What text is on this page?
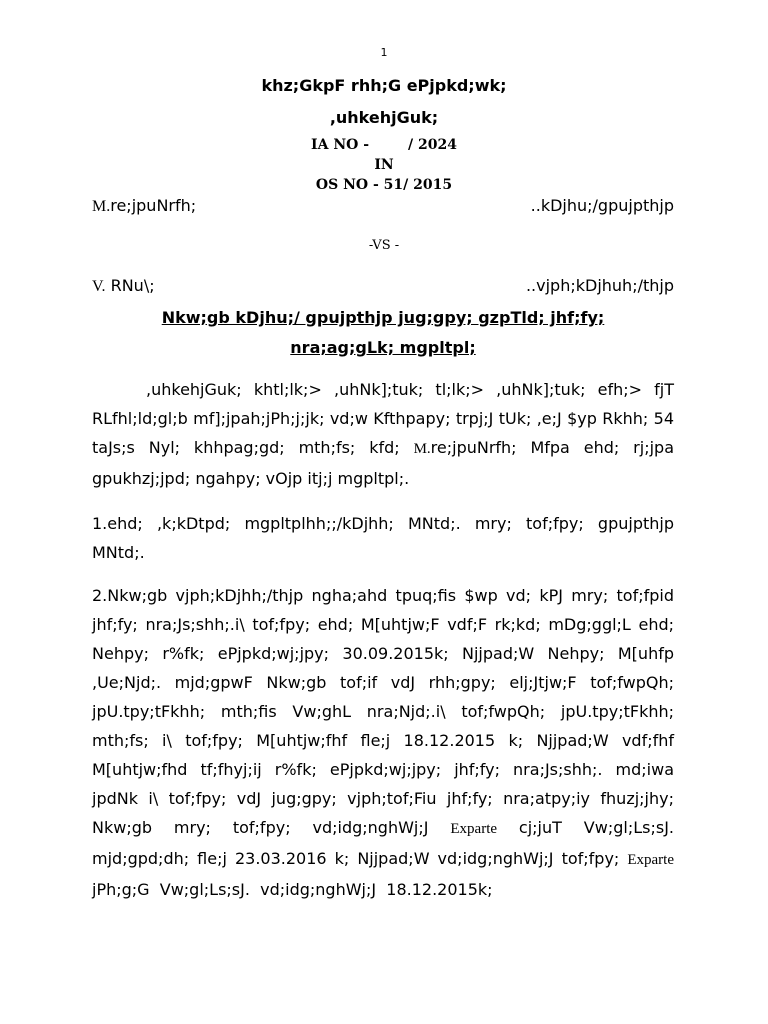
1
khz;GkpF rhh;G ePjpkd;wk;
,uhkehjGuk;
IA NO -        / 2024
IN
OS NO - 51/ 2015
M.re;jpuNrfh;	..kDjhu;/gpujpthjp
-VS -
V. RNu\;	..vjph;kDjhuh;/thjp
Nkw;gb kDjhu;/ gpujpthjp jug;gpy; gzpTld; jhf;fy;
nra;ag;gLk; mgpltpl;
,uhkehjGuk; khtl;lk;> ,uhNk];tuk; tl;lk;> ,uhNk];tuk; efh;> fjT RLfhl;ld;gl;b mf];jpah;jPh;j;jk; vd;w Kfthpapy; trpj;J tUk; ,e;J $yp Rkhh; 54 taJs;s Nyl; khhpag;gd; mth;fs; kfd; M.re;jpuNrfh; Mfpa ehd; rj;jpa gpukhzj;jpd; ngahpy; vOjp itj;j mgpltpl;.
1.ehd; ,k;kDtpd; mgpltplhh;;/kDjhh; MNtd;. mry; tof;fpy; gpujpthjp MNtd;.
2.Nkw;gb vjph;kDjhh;/thjp ngha;ahd tpuq;fis $wp vd; kPJ mry; tof;fpid jhf;fy; nra;Js;shh;.i\ tof;fpy; ehd; M[uhtjw;F vdf;F rk;kd; mDg;ggl;L ehd; Nehpy; r%fk; ePjpkd;wj;jpy; 30.09.2015k; Njjpad;W Nehpy; M[uhfp ,Ue;Njd;. mjd;gpwF Nkw;gb tof;if vdJ rhh;gpy; elj;Jtjw;F tof;fwpQh; jpU.tpy;tFkhh; mth;fis Vw;ghL nra;Njd;.i\ tof;fwpQh; jpU.tpy;tFkhh; mth;fs; i\ tof;fpy; M[uhtjw;fhf fle;j 18.12.2015 k; Njjpad;W vdf;fhf M[uhtjw;fhd tf;fhyj;ij r%fk; ePjpkd;wj;jpy; jhf;fy; nra;Js;shh;. md;iwa jpdNk i\ tof;fpy; vdJ jug;gpy; vjph;tof;Fiu jhf;fy; nra;atpy;iy fhuzj;jhy; Nkw;gb mry; tof;fpy; vd;idg;nghWj;J Exparte cj;juT Vw;gl;Ls;sJ. mjd;gpd;dh; fle;j 23.03.2016 k; Njjpad;W vd;idg;nghWj;J tof;fpy; Exparte       jPh;g;G  Vw;gl;Ls;sJ.  vd;idg;nghWj;J  18.12.2015k;
